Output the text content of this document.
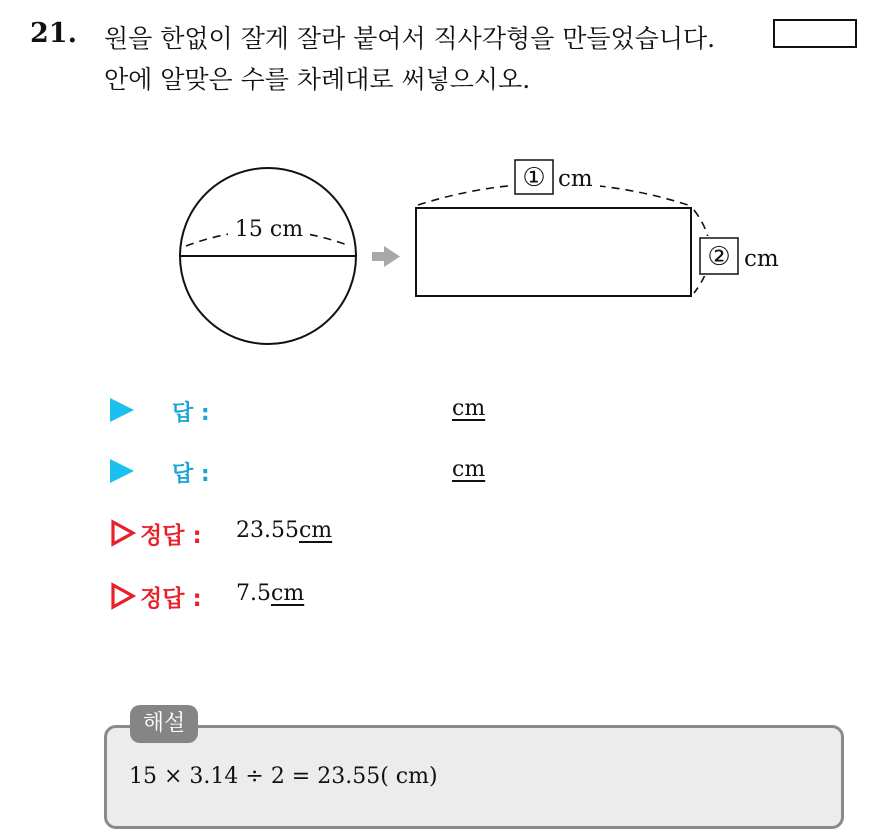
21. 원을 한없이 잘게 잘라 붙여서 직사각형을 만들었습니다.
안에 알맞은 수를 차례대로 써넣으시오.
15 cm
① cm
② cm
답 :	cm
답 :	cm
정답 : 23.55cm
정답 : 7.5cm
15 × 3.14 ÷ 2 = 23.55( cm)
해설
